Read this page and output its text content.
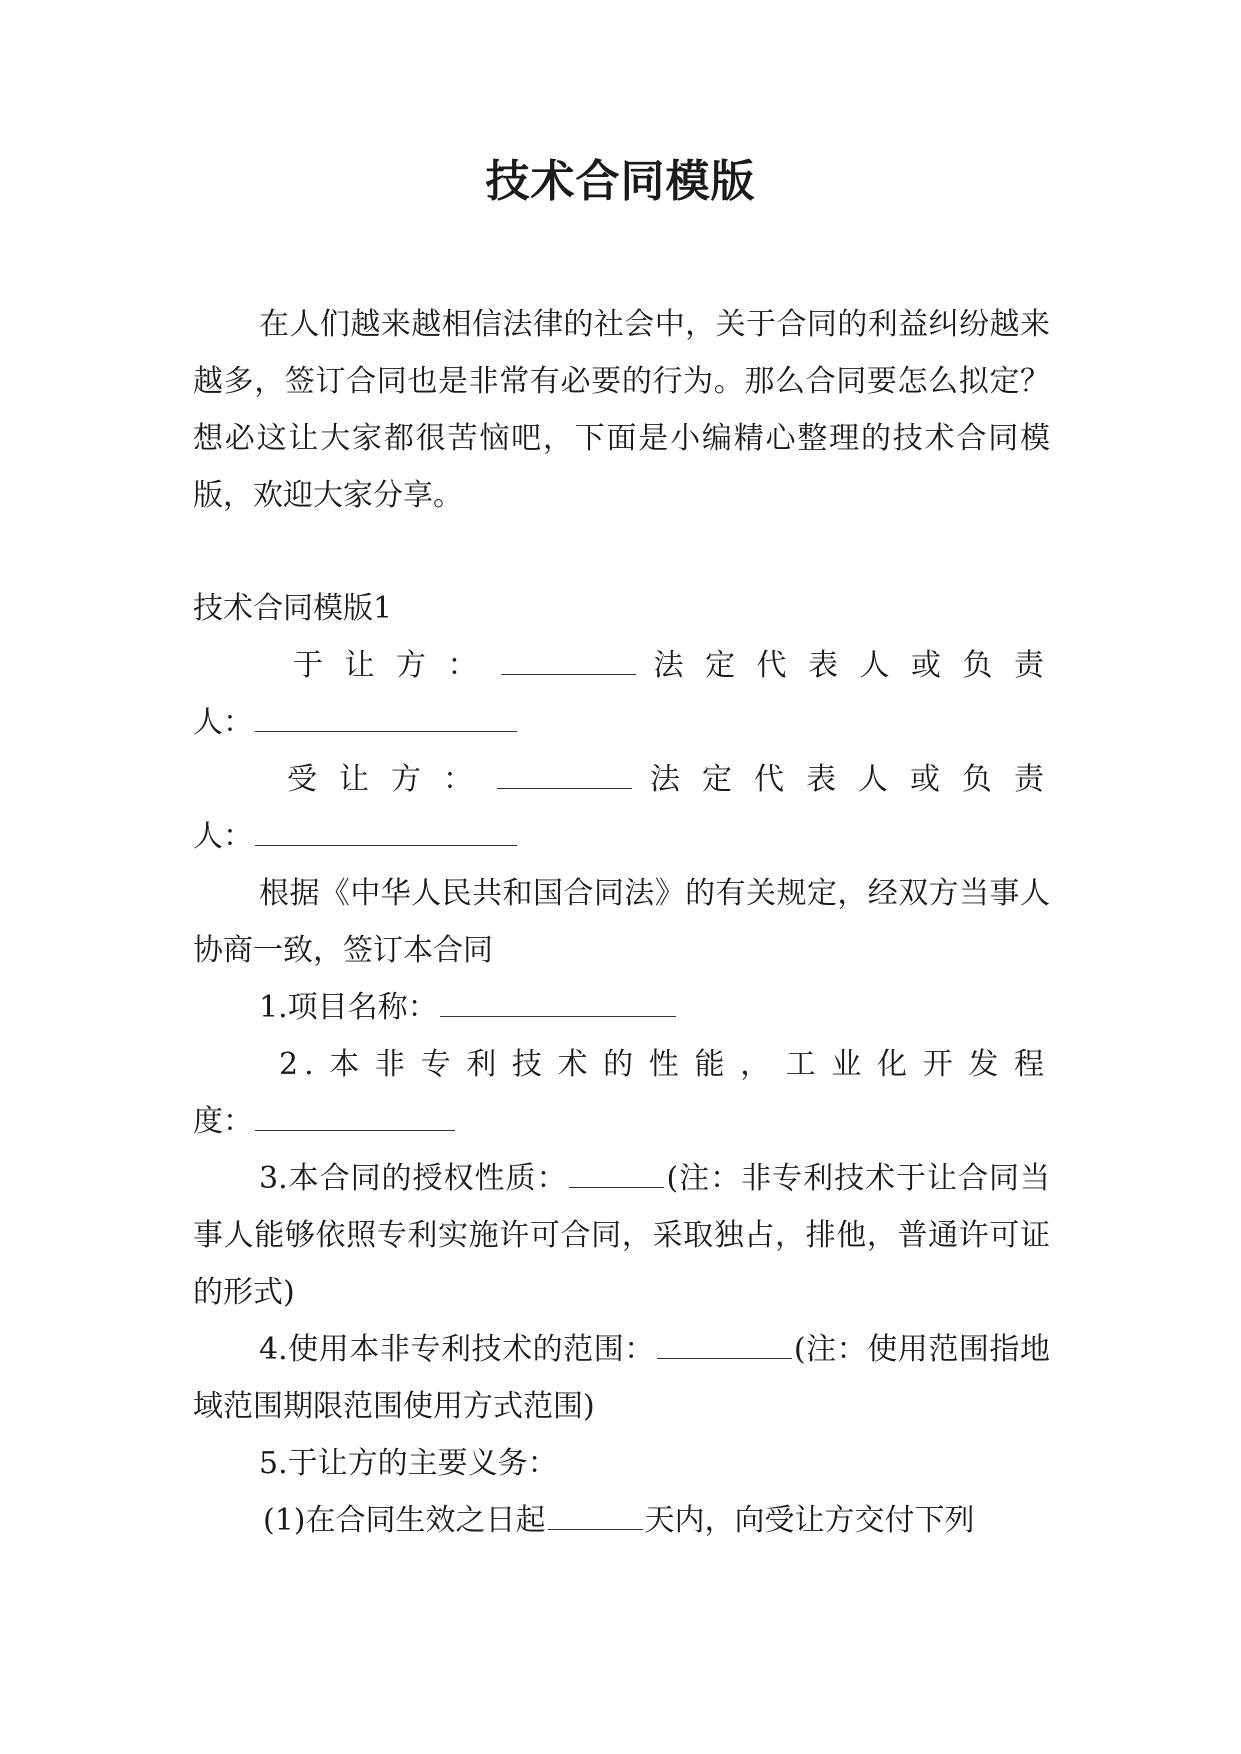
技术合同模版

在人们越来越相信法律的社会中，关于合同的利益纠纷越来越多，签订合同也是非常有必要的行为。那么合同要怎么拟定？想必这让大家都很苦恼吧，下面是小编精心整理的技术合同模版，欢迎大家分享。

技术合同模版1

于让方：	法定代表人或负责

人：

受让方：	法定代表人或负责

人：

根据《中华人民共和国合同法》的有关规定，经双方当事人协商一致，签订本合同

1.项目名称：

2.本非专利技术的性能，工业化开发程

度：

3.本合同的授权性质：	(注：非专利技术于让合同当事人能够依照专利实施许可合同，采取独占，排他，普通许可证的形式)

4.使用本非专利技术的范围：	(注：使用范围指地域范围期限范围使用方式范围)

5.于让方的主要义务：

(1)在合同生效之日起	天内，向受让方交付下列
